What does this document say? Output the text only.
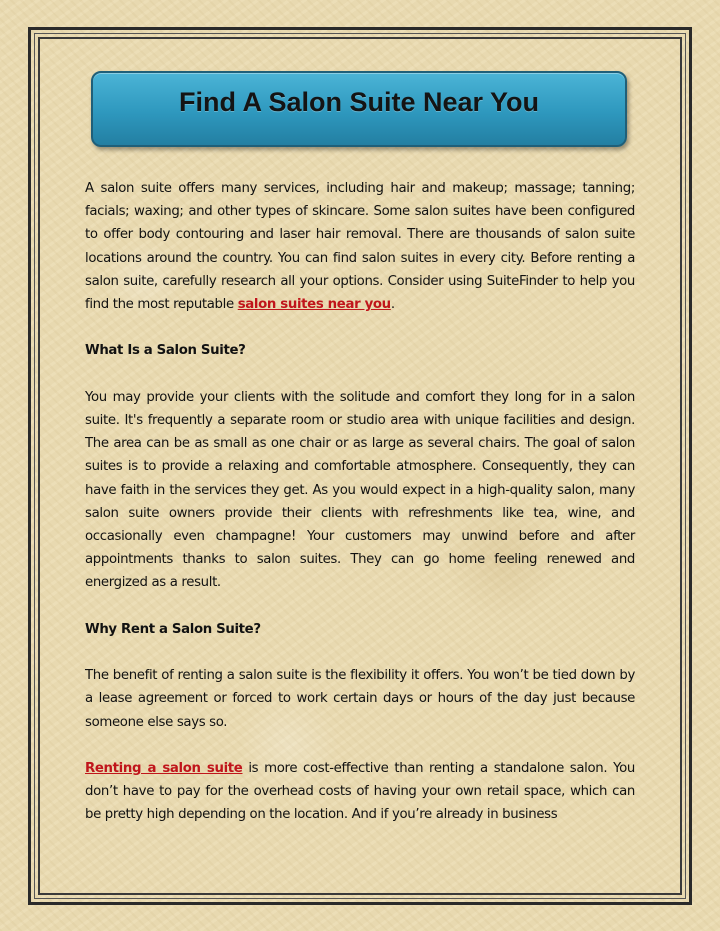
Find A Salon Suite Near You

A salon suite offers many services, including hair and makeup; massage; tanning; facials; waxing; and other types of skincare. Some salon suites have been configured to offer body contouring and laser hair removal. There are thousands of salon suite locations around the country. You can find salon suites in every city. Before renting a salon suite, carefully research all your options. Consider using SuiteFinder to help you find the most reputable salon suites near you.

What Is a Salon Suite?

You may provide your clients with the solitude and comfort they long for in a salon suite. It's frequently a separate room or studio area with unique facilities and design. The area can be as small as one chair or as large as several chairs. The goal of salon suites is to provide a relaxing and comfortable atmosphere. Consequently, they can have faith in the services they get. As you would expect in a high-quality salon, many salon suite owners provide their clients with refreshments like tea, wine, and occasionally even champagne! Your customers may unwind before and after appointments thanks to salon suites. They can go home feeling renewed and energized as a result.

Why Rent a Salon Suite?

The benefit of renting a salon suite is the flexibility it offers. You won’t be tied down by a lease agreement or forced to work certain days or hours of the day just because someone else says so.

Renting a salon suite is more cost-effective than renting a standalone salon. You don’t have to pay for the overhead costs of having your own retail space, which can be pretty high depending on the location. And if you’re already in business
